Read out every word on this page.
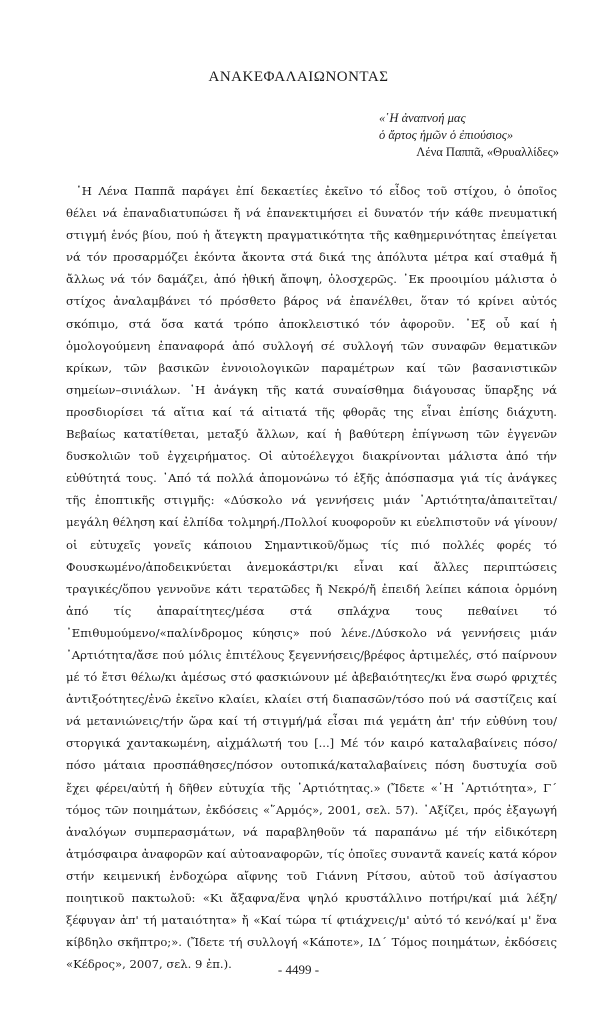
ΑΝΑΚΕΦΑΛΑΙΩΝΟΝΤΑΣ
«῾Η ἀναπνοή μας
ὁ ἄρτος ἡμῶν ὁ ἐπιούσιος»
Λένα Παππᾶ, «Θρυαλλίδες»

῾Η Λένα Παππᾶ παράγει ἐπί δεκαετίες ἐκεῖνο τό εἶδος τοῦ στίχου, ὁ ὁποῖος θέλει νά ἐπαναδιατυπώσει ἤ νά ἐπανεκτιμήσει εἰ δυνατόν τήν κάθε πνευματική στιγμή ἑνός βίου, πού ἡ ἄτεγκτη πραγματικότητα τῆς καθημερινότητας ἐπείγεται νά τόν προσαρμόζει ἑκόντα ἄκοντα στά δικά της ἀπόλυτα μέτρα καί σταθμά ἤ ἄλλως νά τόν δαμάζει, ἀπό ἠθική ἄποψη, ὁλοσχερῶς. ᾿Εκ προοιμίου μάλιστα ὁ στίχος ἀναλαμβάνει τό πρόσθετο βάρος νά ἐπανέλθει, ὅταν τό κρίνει αὐτός σκόπιμο, στά ὅσα κατά τρόπο ἀποκλειστικό τόν ἀφοροῦν. ᾿Εξ οὗ καί ἡ ὁμολογούμενη ἐπαναφορά ἀπό συλλογή σέ συλλογή τῶν συναφῶν θεματικῶν κρίκων, τῶν βασικῶν ἐννοιολογικῶν παραμέτρων καί τῶν βασανιστικῶν σημείων–σινιάλων. ῾Η ἀνάγκη τῆς κατά συναίσθημα διάγουσας ὕπαρξης νά προσδιορίσει τά αἴτια καί τά αἰτιατά τῆς φθορᾶς της εἶναι ἐπίσης διάχυτη. Βεβαίως κατατίθεται, μεταξύ ἄλλων, καί ἡ βαθύτερη ἐπίγνωση τῶν ἐγγενῶν δυσκολιῶν τοῦ ἐγχειρήματος. Οἱ αὐτοέλεγχοι διακρίνονται μάλιστα ἀπό τήν εὐθύτητά τους. ᾿Από τά πολλά ἀπομονώνω τό ἑξῆς ἀπόσπασμα γιά τίς ἀνάγκες τῆς ἐποπτικῆς στιγμῆς: «Δύσκολο νά γεννήσεις μιάν ᾿Αρτιότητα/ἀπαιτεῖται/μεγάλη θέληση καί ἐλπίδα τολμηρή./Πολλοί κυοφοροῦν κι εὐελπιστοῦν νά γίνουν/οἱ εὐτυχεῖς γονεῖς κάποιου Σημαντικοῦ/ὅμως τίς πιό πολλές φορές τό Φουσκωμένο/ἀποδεικνύεται ἀνεμοκάστρι/κι εἶναι καί ἄλλες περιπτώσεις τραγικές/ὅπου γεννοῦνε κάτι τερατῶδες ἤ Νεκρό/ἤ ἐπειδή λείπει κάποια ὁρμόνη ἀπό τίς ἀπαραίτητες/μέσα στά σπλάχνα τους πεθαίνει τό ᾿Επιθυμούμενο/«παλίνδρομος κύησις» πού λένε./Δύσκολο νά γεννήσεις μιάν ᾿Αρτιότητα/ἄσε πού μόλις ἐπιτέλους ξεγεννήσεις/βρέφος ἀρτιμελές, στό παίρνουν μέ τό ἔτσι θέλω/κι ἀμέσως στό φασκιώνουν μέ ἀβεβαιότητες/κι ἕνα σωρό φριχτές ἀντιξοότητες/ἐνῶ ἐκεῖνο κλαίει, κλαίει στή διαπασῶν/τόσο πού νά σαστίζεις καί νά μετανιώνεις/τήν ὥρα καί τή στιγμή/μά εἶσαι πιά γεμάτη ἀπ' τήν εὐθύνη του/στοργικά χαντακωμένη, αἰχμάλωτή του [...] Μέ τόν καιρό καταλαβαίνεις πόσο/πόσο μάταια προσπάθησες/πόσον ουτοπικά/καταλαβαίνεις πόση δυστυχία σοῦ ἔχει φέρει/αὐτή ἡ δῆθεν εὐτυχία τῆς ᾿Αρτιότητας.» (Ἴδετε «῾Η ᾿Αρτιότητα», Γ΄ τόμος τῶν ποιημάτων, ἐκδόσεις «῞Αρμός», 2001, σελ. 57). ᾿Αξίζει, πρός ἐξαγωγή ἀναλόγων συμπερασμάτων, νά παραβληθοῦν τά παραπάνω μέ τήν εἰδικότερη ἀτμόσφαιρα ἀναφορῶν καί αὐτοαναφορῶν, τίς ὁποῖες συναντᾶ κανείς κατά κόρον στήν κειμενική ἐνδοχώρα αἴφνης τοῦ Γιάννη Ρίτσου, αὐτοῦ τοῦ ἀσίγαστου ποιητικοῦ πακτωλοῦ: «Κι ἄξαφνα/ἕνα ψηλό κρυστάλλινο ποτήρι/καί μιά λέξη/ξέφυγαν ἀπ' τή ματαιότητα» ἤ «Καί τώρα τί φτιάχνεις/μ' αὐτό τό κενό/καί μ' ἕνα κίβδηλο σκῆπτρο;». (Ἴδετε τή συλλογή «Κάποτε», ΙΔ΄ Τόμος ποιημάτων, ἐκδόσεις «Κέδρος», 2007, σελ. 9 ἐπ.).	- 4499 -
